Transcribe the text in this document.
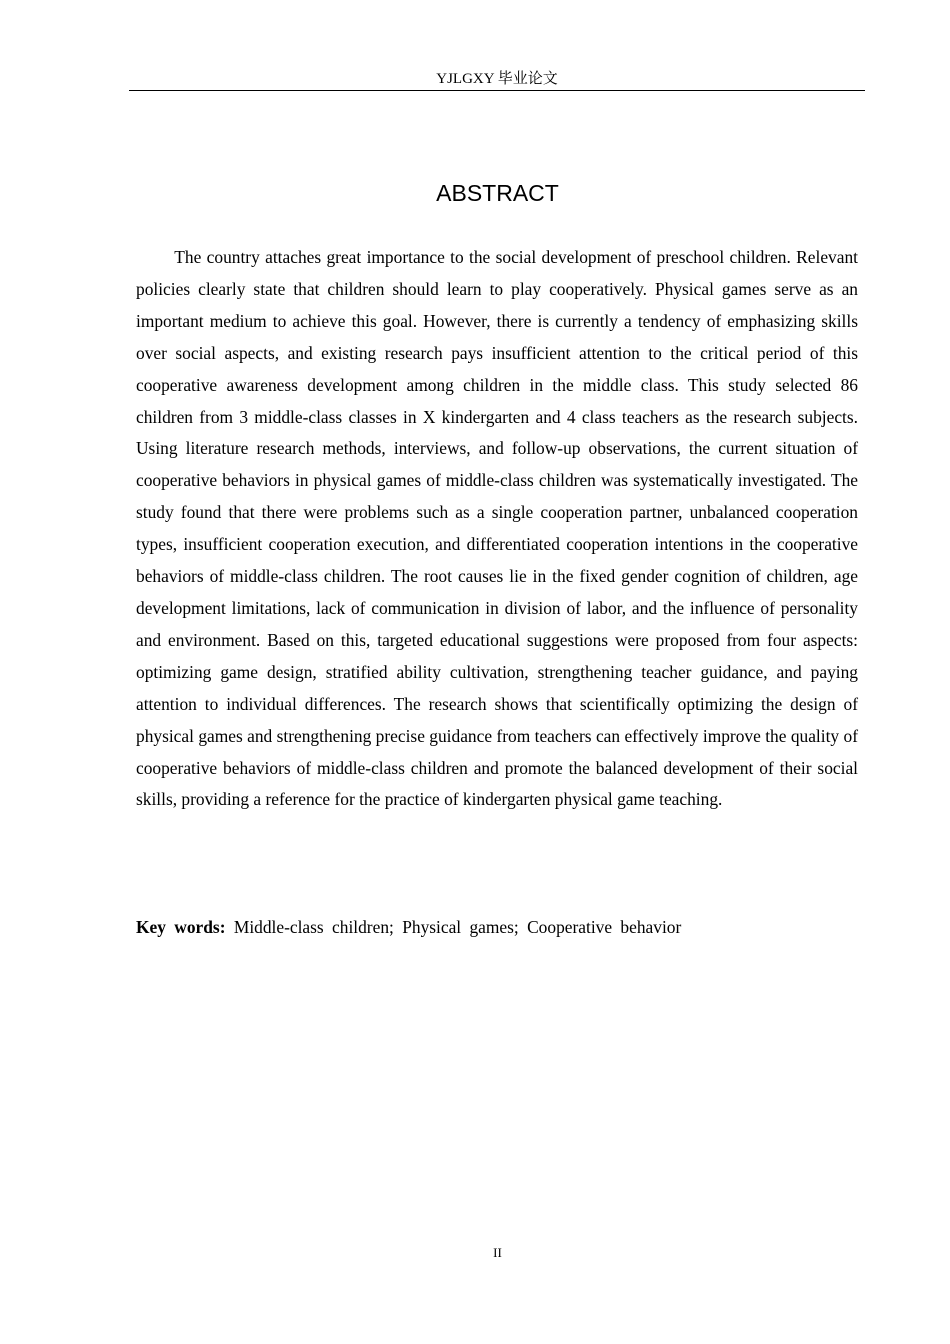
YJLGXY 毕业论文
ABSTRACT

The country attaches great importance to the social development of preschool children. Relevant policies clearly state that children should learn to play cooperatively. Physical games serve as an important medium to achieve this goal. However, there is currently a tendency of emphasizing skills over social aspects, and existing research pays insufficient attention to the critical period of this cooperative awareness development among children in the middle class. This study selected 86 children from 3 middle-class classes in X kindergarten and 4 class teachers as the research subjects. Using literature research methods, interviews, and follow-up observations, the current situation of cooperative behaviors in physical games of middle-class children was systematically investigated. The study found that there were problems such as a single cooperation partner, unbalanced cooperation types, insufficient cooperation execution, and differentiated cooperation intentions in the cooperative behaviors of middle-class children. The root causes lie in the fixed gender cognition of children, age development limitations, lack of communication in division of labor, and the influence of personality and environment. Based on this, targeted educational suggestions were proposed from four aspects: optimizing game design, stratified ability cultivation, strengthening teacher guidance, and paying attention to individual differences. The research shows that scientifically optimizing the design of physical games and strengthening precise guidance from teachers can effectively improve the quality of cooperative behaviors of middle-class children and promote the balanced development of their social skills, providing a reference for the practice of kindergarten physical game teaching.

Key words: Middle-class children; Physical games; Cooperative behavior
II
